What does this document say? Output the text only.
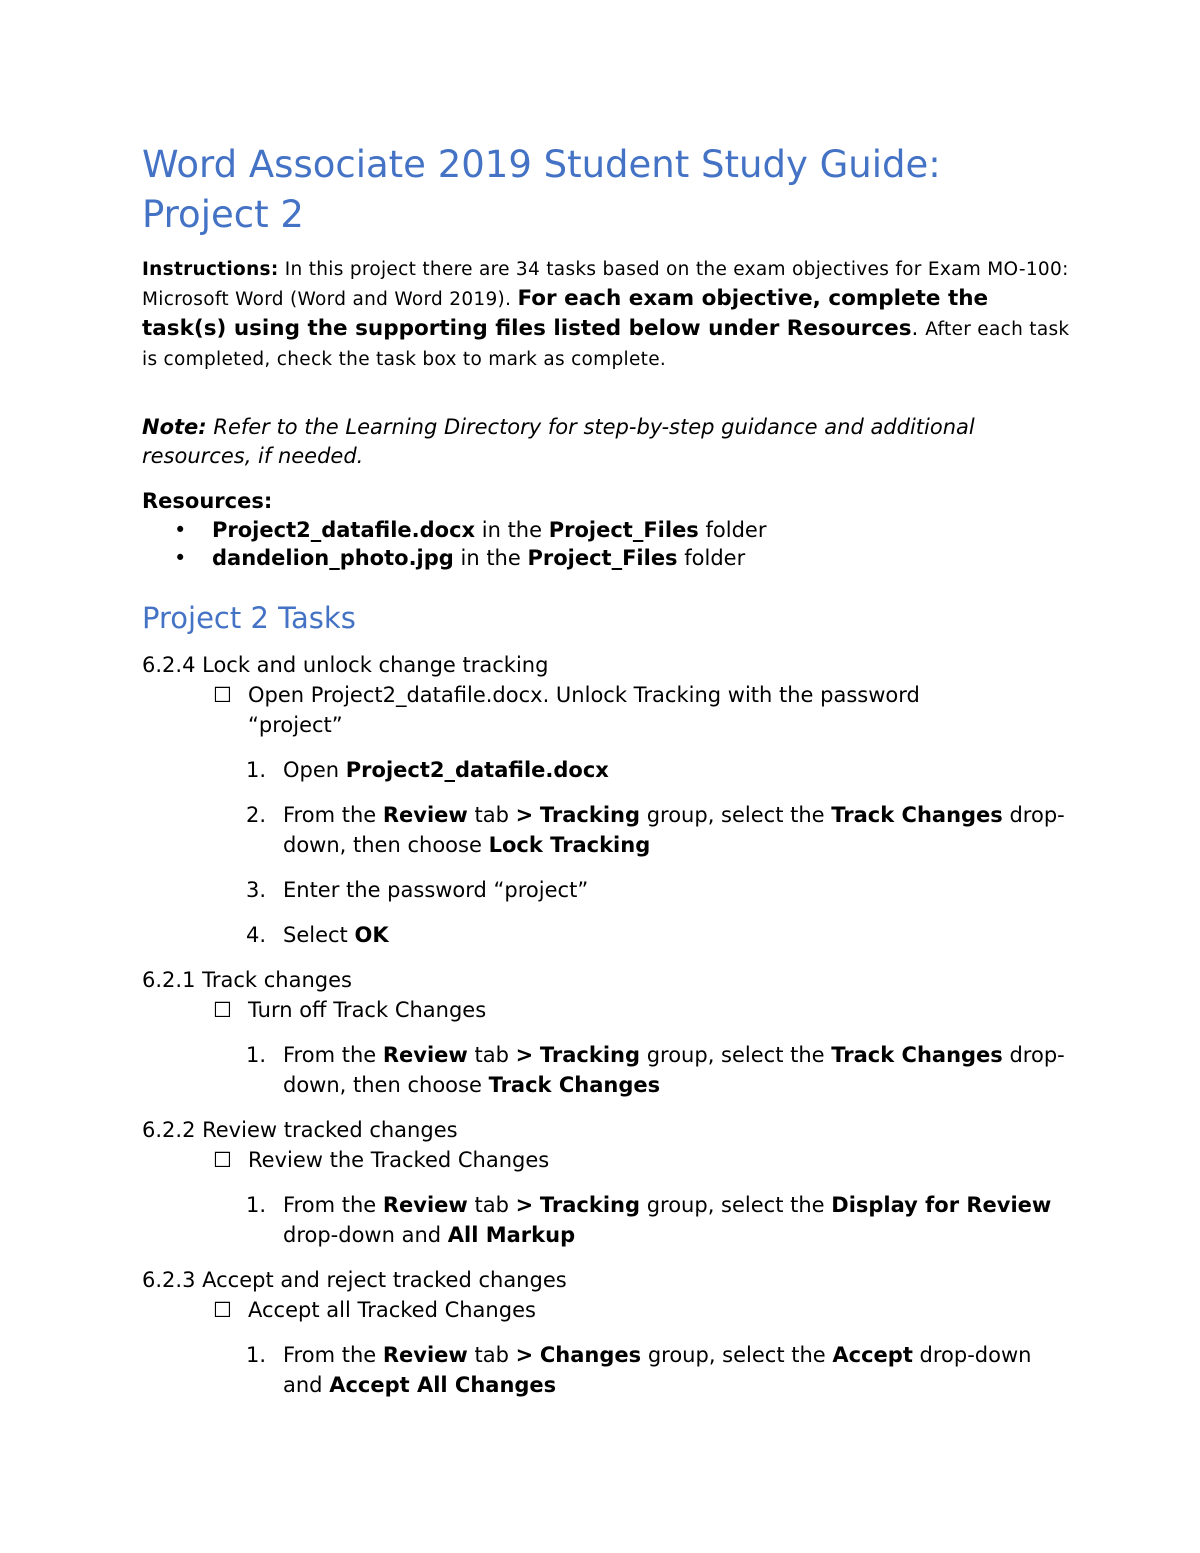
Word Associate 2019 Student Study Guide:
Project 2

Instructions: In this project there are 34 tasks based on the exam objectives for Exam MO-100: Microsoft Word (Word and Word 2019). For each exam objective, complete the task(s) using the supporting files listed below under Resources. After each task is completed, check the task box to mark as complete.

Note: Refer to the Learning Directory for step-by-step guidance and additional resources, if needed.

Resources:

• Project2_datafile.docx in the Project_Files folder
• dandelion_photo.jpg in the Project_Files folder
Project 2 Tasks

6.2.4 Lock and unlock change tracking

☐ Open Project2_datafile.docx. Unlock Tracking with the password
“project”

1. Open Project2_datafile.docx

2. From the Review tab > Tracking group, select the Track Changes drop-down, then choose Lock Tracking

3. Enter the password “project”

4. Select OK

6.2.1 Track changes

☐ Turn off Track Changes

1. From the Review tab > Tracking group, select the Track Changes drop-down, then choose Track Changes

6.2.2 Review tracked changes

☐ Review the Tracked Changes

1. From the Review tab > Tracking group, select the Display for Review drop-down and All Markup

6.2.3 Accept and reject tracked changes

☐ Accept all Tracked Changes

1. From the Review tab > Changes group, select the Accept drop-down and Accept All Changes
